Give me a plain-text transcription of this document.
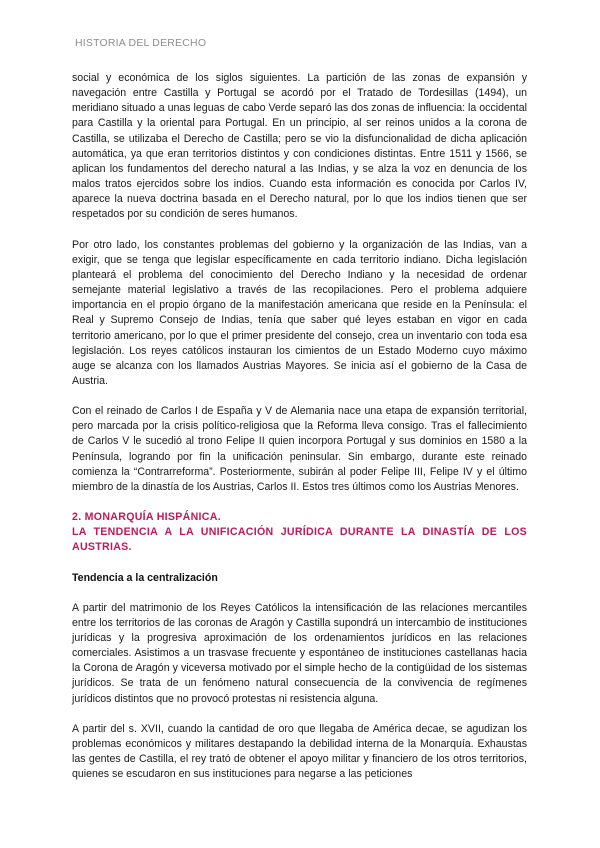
HISTORIA DEL DERECHO

social y económica de los siglos siguientes. La partición de las zonas de expansión y navegación entre Castilla y Portugal se acordó por el Tratado de Tordesillas (1494), un meridiano situado a unas leguas de cabo Verde separó las dos zonas de influencia: la occidental para Castilla y la oriental para Portugal. En un principio, al ser reinos unidos a la corona de Castilla, se utilizaba el Derecho de Castilla; pero se vio la disfuncionalidad de dicha aplicación automática, ya que eran territorios distintos y con condiciones distintas. Entre 1511 y 1566, se aplican los fundamentos del derecho natural a las Indias, y se alza la voz en denuncia de los malos tratos ejercidos sobre los indios. Cuando esta información es conocida por Carlos IV, aparece la nueva doctrina basada en el Derecho natural, por lo que los indios tienen que ser respetados por su condición de seres humanos.

Por otro lado, los constantes problemas del gobierno y la organización de las Indias, van a exigir, que se tenga que legislar específicamente en cada territorio indiano. Dicha legislación planteará el problema del conocimiento del Derecho Indiano y la necesidad de ordenar semejante material legislativo a través de las recopilaciones. Pero el problema adquiere importancia en el propio órgano de la manifestación americana que reside en la Península: el Real y Supremo Consejo de Indias, tenía que saber qué leyes estaban en vigor en cada territorio americano, por lo que el primer presidente del consejo, crea un inventario con toda esa legislación. Los reyes católicos instauran los cimientos de un Estado Moderno cuyo máximo auge se alcanza con los llamados Austrias Mayores. Se inicia así el gobierno de la Casa de Austria.

Con el reinado de Carlos I de España y V de Alemania nace una etapa de expansión territorial, pero marcada por la crisis político-religiosa que la Reforma lleva consigo. Tras el fallecimiento de Carlos V le sucedió al trono Felipe II quien incorpora Portugal y sus dominios en 1580 a la Península, logrando por fin la unificación peninsular. Sin embargo, durante este reinado comienza la “Contrarreforma”. Posteriormente, subirán al poder Felipe III, Felipe IV y el último miembro de la dinastía de los Austrias, Carlos II. Estos tres últimos como los Austrias Menores.

2. MONARQUÍA HISPÁNICA.
LA TENDENCIA A LA UNIFICACIÓN JURÍDICA DURANTE LA DINASTÍA DE LOS AUSTRIAS.

Tendencia a la centralización

A partir del matrimonio de los Reyes Católicos la intensificación de las relaciones mercantiles entre los territorios de las coronas de Aragón y Castilla supondrá un intercambio de instituciones jurídicas y la progresiva aproximación de los ordenamientos jurídicos en las relaciones comerciales. Asistimos a un trasvase frecuente y espontáneo de instituciones castellanas hacia la Corona de Aragón y viceversa motivado por el simple hecho de la contigüidad de los sistemas jurídicos. Se trata de un fenómeno natural consecuencia de la convivencia de regímenes jurídicos distintos que no provocó protestas ni resistencia alguna.

A partir del s. XVII, cuando la cantidad de oro que llegaba de América decae, se agudizan los problemas económicos y militares destapando la debilidad interna de la Monarquía. Exhaustas las gentes de Castilla, el rey trató de obtener el apoyo militar y financiero de los otros territorios, quienes se escudaron en sus instituciones para negarse a las peticiones
